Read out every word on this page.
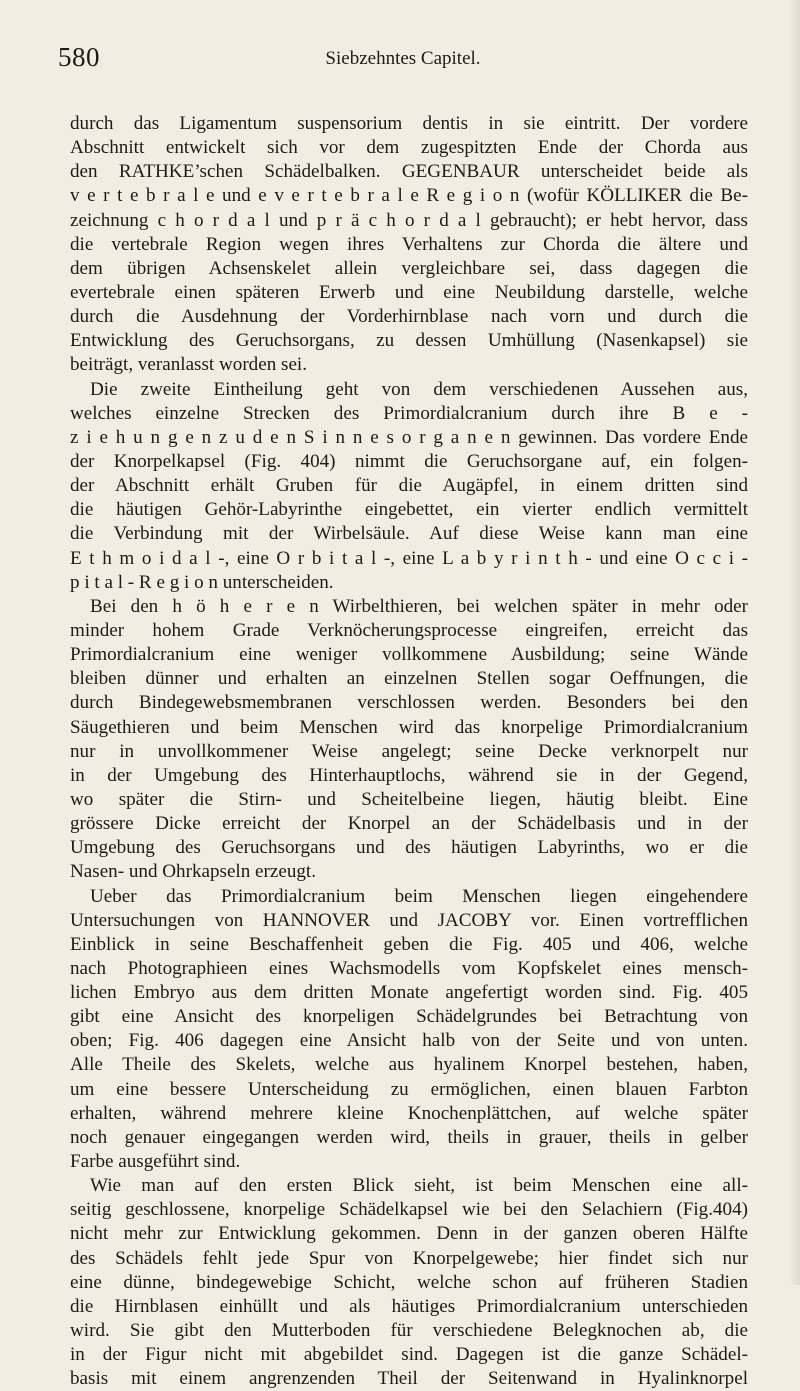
580	Siebzehntes Capitel.
durch das Ligamentum suspensorium dentis in sie eintritt. Der vordere
Abschnitt entwickelt sich vor dem zugespitzten Ende der Chorda aus
den RATHKE’schen Schädelbalken. GEGENBAUR unterscheidet beide als
v e r t e b r a l e und e v e r t e b r a l e R e g i o n (wofür KÖLLIKER die Be-
zeichnung c h o r d a l und p r ä c h o r d a l gebraucht); er hebt hervor, dass
die vertebrale Region wegen ihres Verhaltens zur Chorda die ältere und
dem übrigen Achsenskelet allein vergleichbare sei, dass dagegen die
evertebrale einen späteren Erwerb und eine Neubildung darstelle, welche
durch die Ausdehnung der Vorderhirnblase nach vorn und durch die
Entwicklung des Geruchsorgans, zu dessen Umhüllung (Nasenkapsel) sie
beiträgt, veranlasst worden sei.
Die zweite Eintheilung geht von dem verschiedenen Aussehen aus,
welches einzelne Strecken des Primordialcranium durch ihre B e -
z i e h u n g e n z u d e n S i n n e s o r g a n e n gewinnen. Das vordere Ende
der Knorpelkapsel (Fig. 404) nimmt die Geruchsorgane auf, ein folgen-
der Abschnitt erhält Gruben für die Augäpfel, in einem dritten sind
die häutigen Gehör-Labyrinthe eingebettet, ein vierter endlich vermittelt
die Verbindung mit der Wirbelsäule. Auf diese Weise kann man eine
E t h m o i d a l -, eine O r b i t a l -, eine L a b y r i n t h - und eine O c c i -
p i t a l - R e g i o n unterscheiden.
Bei den h ö h e r e n Wirbelthieren, bei welchen später in mehr oder
minder hohem Grade Verknöcherungsprocesse eingreifen, erreicht das
Primordialcranium eine weniger vollkommene Ausbildung; seine Wände
bleiben dünner und erhalten an einzelnen Stellen sogar Oeffnungen, die
durch Bindegewebsmembranen verschlossen werden. Besonders bei den
Säugethieren und beim Menschen wird das knorpelige Primordialcranium
nur in unvollkommener Weise angelegt; seine Decke verknorpelt nur
in der Umgebung des Hinterhauptlochs, während sie in der Gegend,
wo später die Stirn- und Scheitelbeine liegen, häutig bleibt. Eine
grössere Dicke erreicht der Knorpel an der Schädelbasis und in der
Umgebung des Geruchsorgans und des häutigen Labyrinths, wo er die
Nasen- und Ohrkapseln erzeugt.
Ueber das Primordialcranium beim Menschen liegen eingehendere
Untersuchungen von HANNOVER und JACOBY vor. Einen vortrefflichen
Einblick in seine Beschaffenheit geben die Fig. 405 und 406, welche
nach Photographieen eines Wachsmodells vom Kopfskelet eines mensch-
lichen Embryo aus dem dritten Monate angefertigt worden sind. Fig. 405
gibt eine Ansicht des knorpeligen Schädelgrundes bei Betrachtung von
oben; Fig. 406 dagegen eine Ansicht halb von der Seite und von unten.
Alle Theile des Skelets, welche aus hyalinem Knorpel bestehen, haben,
um eine bessere Unterscheidung zu ermöglichen, einen blauen Farbton
erhalten, während mehrere kleine Knochenplättchen, auf welche später
noch genauer eingegangen werden wird, theils in grauer, theils in gelber
Farbe ausgeführt sind.
Wie man auf den ersten Blick sieht, ist beim Menschen eine all-
seitig geschlossene, knorpelige Schädelkapsel wie bei den Selachiern (Fig.404)
nicht mehr zur Entwicklung gekommen. Denn in der ganzen oberen Hälfte
des Schädels fehlt jede Spur von Knorpelgewebe; hier findet sich nur
eine dünne, bindegewebige Schicht, welche schon auf früheren Stadien
die Hirnblasen einhüllt und als häutiges Primordialcranium unterschieden
wird. Sie gibt den Mutterboden für verschiedene Belegknochen ab, die
in der Figur nicht mit abgebildet sind. Dagegen ist die ganze Schädel-
basis mit einem angrenzenden Theil der Seitenwand in Hyalinknorpel
